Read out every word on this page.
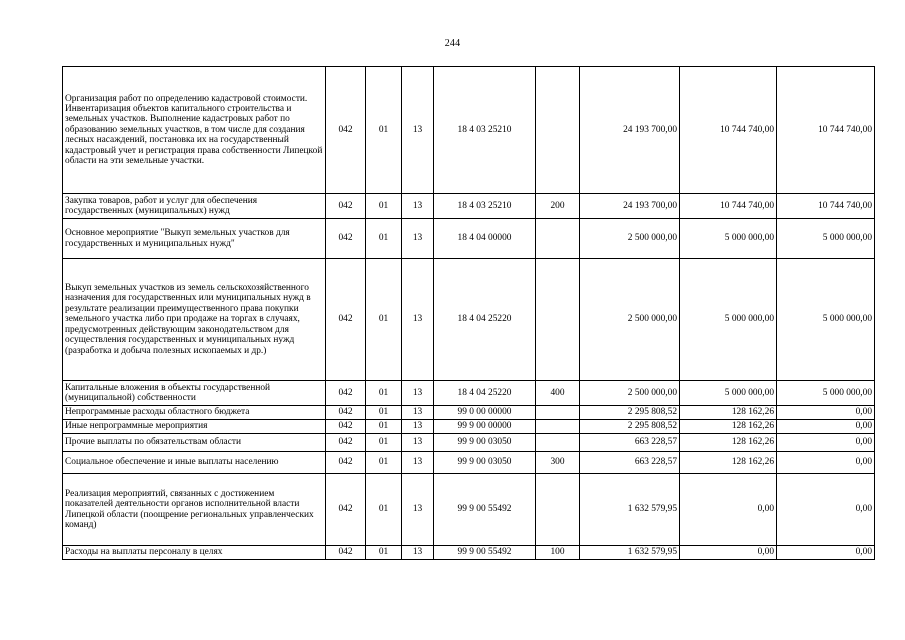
244
Организация работ по определению кадастровой стоимости. Инвентаризация объектов капитального строительства и земельных участков. Выполнение кадастровых работ по образованию земельных участков, в том числе для создания лесных насаждений, постановка их на государственный кадастровый учет и регистрация права собственности Липецкой области на эти земельные участки.	042	01	13	18 4 03 25210		24 193 700,00	10 744 740,00	10 744 740,00
Закупка товаров, работ и услуг для обеспечения государственных (муниципальных) нужд	042	01	13	18 4 03 25210	200	24 193 700,00	10 744 740,00	10 744 740,00
Основное мероприятие "Выкуп земельных участков для государственных и муниципальных нужд"	042	01	13	18 4 04 00000		2 500 000,00	5 000 000,00	5 000 000,00
Выкуп земельных участков из земель сельскохозяйственного назначения для государственных или муниципальных нужд в результате реализации преимущественного права покупки земельного участка либо при продаже на торгах в случаях, предусмотренных действующим законодательством для осуществления государственных и муниципальных нужд (разработка и добыча полезных ископаемых и др.)	042	01	13	18 4 04 25220		2 500 000,00	5 000 000,00	5 000 000,00
Капитальные вложения в объекты государственной (муниципальной) собственности	042	01	13	18 4 04 25220	400	2 500 000,00	5 000 000,00	5 000 000,00
Непрограммные расходы областного бюджета	042	01	13	99 0 00 00000		2 295 808,52	128 162,26	0,00
Иные непрограммные мероприятия	042	01	13	99 9 00 00000		2 295 808,52	128 162,26	0,00
Прочие выплаты по обязательствам области	042	01	13	99 9 00 03050		663 228,57	128 162,26	0,00
Социальное обеспечение и иные выплаты населению	042	01	13	99 9 00 03050	300	663 228,57	128 162,26	0,00
Реализация мероприятий, связанных с достижением показателей деятельности органов исполнительной власти Липецкой области (поощрение региональных управленческих команд)	042	01	13	99 9 00 55492		1 632 579,95	0,00	0,00
Расходы на выплаты персоналу в целях	042	01	13	99 9 00 55492	100	1 632 579,95	0,00	0,00
